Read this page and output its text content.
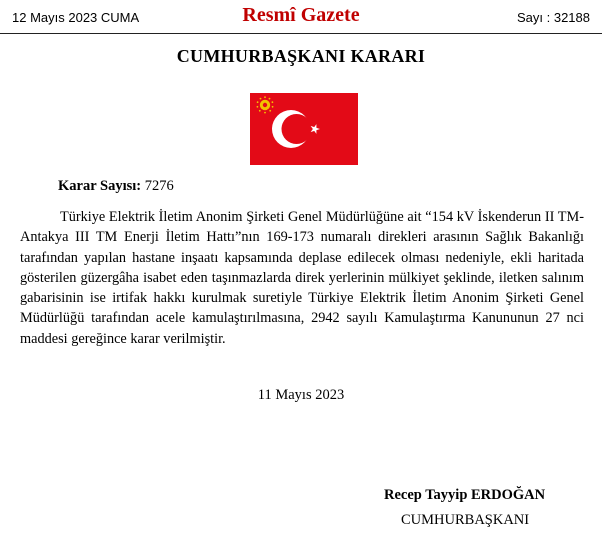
12 Mayıs 2023 CUMA	Resmî Gazete	Sayı : 32188
CUMHURBAŞKANI KARARI
Karar Sayısı: 7276
Türkiye Elektrik İletim Anonim Şirketi Genel Müdürlüğüne ait “154 kV İskenderun II TM-Antakya III TM Enerji İletim Hattı”nın 169-173 numaralı direkleri arasının Sağlık Bakanlığı tarafından yapılan hastane inşaatı kapsamında deplase edilecek olması nedeniyle, ekli haritada gösterilen güzergâha isabet eden taşınmazlarda direk yerlerinin mülkiyet şeklinde, iletken salınım gabarisinin ise irtifak hakkı kurulmak suretiyle Türkiye Elektrik İletim Anonim Şirketi Genel Müdürlüğü tarafından acele kamulaştırılmasına, 2942 sayılı Kamulaştırma Kanununun 27 nci maddesi gereğince karar verilmiştir.
11 Mayıs 2023
Recep Tayyip ERDOĞAN
CUMHURBAŞKANI
